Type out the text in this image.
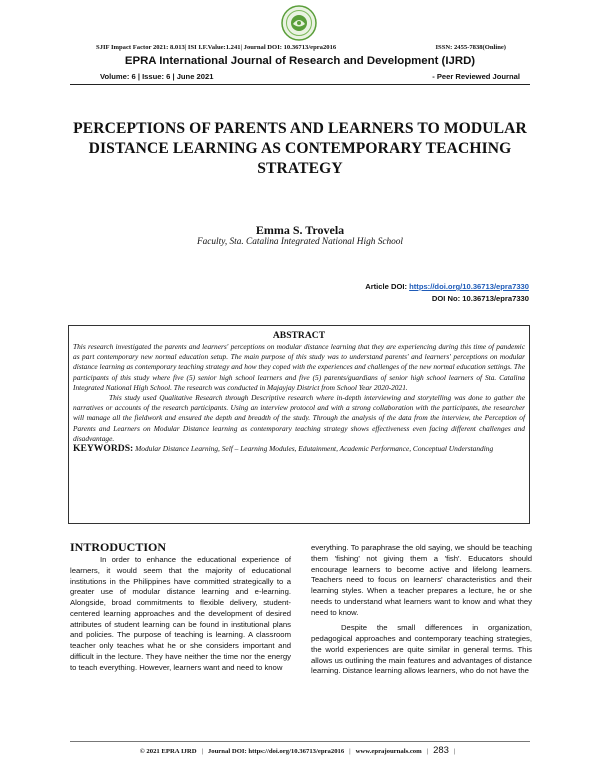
SJIF Impact Factor 2021: 8.013| ISI I.F.Value:1.241| Journal DOI: 10.36713/epra2016	ISSN: 2455-7838(Online)
EPRA International Journal of Research and Development (IJRD)
Volume: 6 | Issue: 6 | June 2021	- Peer Reviewed Journal
PERCEPTIONS OF PARENTS AND LEARNERS TO MODULAR DISTANCE LEARNING AS CONTEMPORARY TEACHING STRATEGY
Emma S. Trovela
Faculty, Sta. Catalina Integrated National High School
Article DOI: https://doi.org/10.36713/epra7330
DOI No: 10.36713/epra7330
ABSTRACT

This research investigated the parents and learners' perceptions on modular distance learning that they are experiencing during this time of pandemic as part contemporary new normal education setup. The main purpose of this study was to understand parents' and learners' perceptions on modular distance learning as contemporary teaching strategy and how they coped with the experiences and challenges of the new normal education settings. The participants of this study where five (5) senior high school learners and five (5) parents/guardians of senior high school learners of Sta. Catalina Integrated National High School. The research was conducted in Majayjay District from School Year 2020-2021.

This study used Qualitative Research through Descriptive research where in-depth interviewing and storytelling was done to gather the narratives or accounts of the research participants. Using an interview protocol and with a strong collaboration with the participants, the researcher will manage all the fieldwork and ensured the depth and breadth of the study. Through the analysis of the data from the interview, the Perception of Parents and Learners on Modular Distance learning as contemporary teaching strategy shows effectiveness even facing different challenges and disadvantage.

KEYWORDS: Modular Distance Learning, Self – Learning Modules, Edutainment, Academic Performance, Conceptual Understanding

INTRODUCTION

In order to enhance the educational experience of learners, it would seem that the majority of educational institutions in the Philippines have committed strategically to a greater use of modular distance learning and e-learning. Alongside, broad commitments to flexible delivery, student-centered learning approaches and the development of desired attributes of student learning can be found in institutional plans and policies. The purpose of teaching is learning. A classroom teacher only teaches what he or she considers important and difficult in the lecture. They have neither the time nor the energy to teach everything. However, learners want and need to know

everything. To paraphrase the old saying, we should be teaching them 'fishing' not giving them a 'fish'. Educators should encourage learners to become active and lifelong learners. Teachers need to focus on learners' characteristics and their learning styles. When a teacher prepares a lecture, he or she needs to understand what learners want to know and what they need to know.

Despite the small differences in organization, pedagogical approaches and contemporary teaching strategies, the world experiences are quite similar in general terms. This allows us outlining the main features and advantages of distance learning. Distance learning allows learners, who do not have the

© 2021 EPRA IJRD | Journal DOI: https://doi.org/10.36713/epra2016 | www.eprajournals.com | 283 |
